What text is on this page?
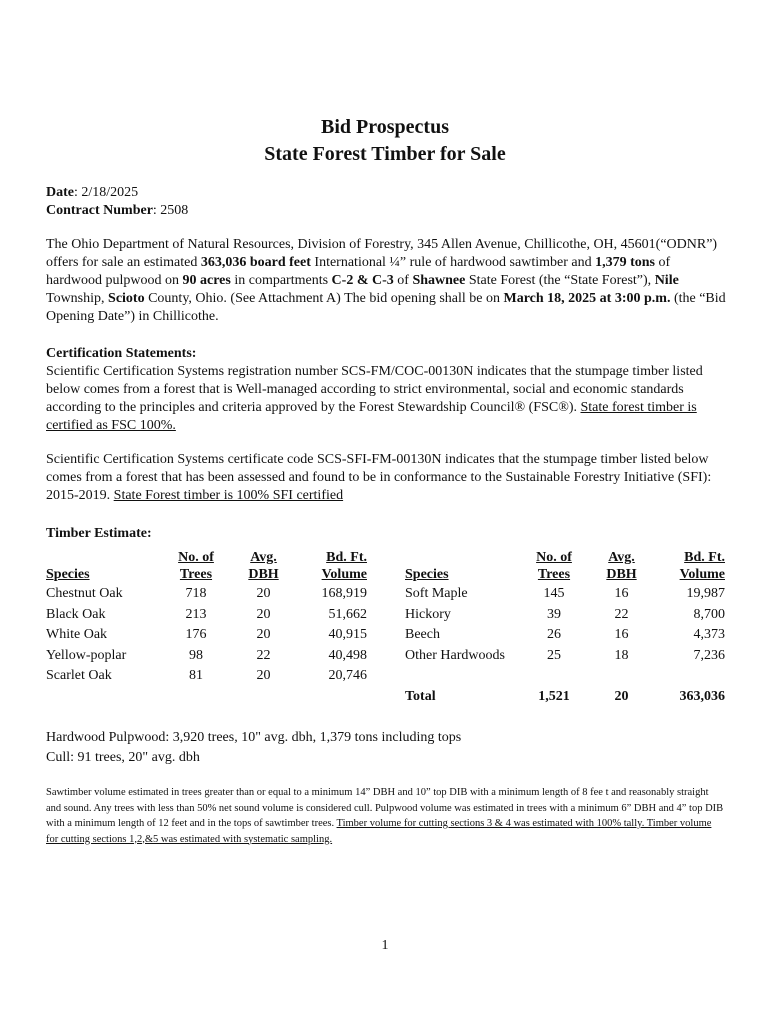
Bid Prospectus
State Forest Timber for Sale
Date: 2/18/2025
Contract Number: 2508
The Ohio Department of Natural Resources, Division of Forestry, 345 Allen Avenue, Chillicothe, OH, 45601(“ODNR”) offers for sale an estimated 363,036 board feet International ¼” rule of hardwood sawtimber and 1,379 tons of hardwood pulpwood on 90 acres in compartments C-2 & C-3 of Shawnee State Forest (the “State Forest”), Nile Township, Scioto County, Ohio. (See Attachment A) The bid opening shall be on March 18, 2025 at 3:00 p.m. (the “Bid Opening Date”) in Chillicothe.
Certification Statements:
Scientific Certification Systems registration number SCS-FM/COC-00130N indicates that the stumpage timber listed below comes from a forest that is Well-managed according to strict environmental, social and economic standards according to the principles and criteria approved by the Forest Stewardship Council® (FSC®). State forest timber is certified as FSC 100%.
Scientific Certification Systems certificate code SCS-SFI-FM-00130N indicates that the stumpage timber listed below comes from a forest that has been assessed and found to be in conformance to the Sustainable Forestry Initiative (SFI): 2015-2019. State Forest timber is 100% SFI certified
Timber Estimate:
Species
No. of
Trees
Avg.
DBH
Bd. Ft.
Volume	Species
No. of
Trees
Avg.
DBH
Bd. Ft.
Volume
Chestnut Oak
Black Oak
White Oak
Yellow-poplar
Scarlet Oak
718
213
176
98
81
20
20
20
22
20
168,919
51,662
40,915
40,498
20,746
Soft Maple
Hickory
Beech
Other Hardwoods

Total
145
39
26
25

1,521
16
22
16
18

20
19,987
8,700
4,373
7,236

363,036
Hardwood Pulpwood: 3,920 trees, 10" avg. dbh, 1,379 tons including tops
Cull: 91 trees, 20" avg. dbh
Sawtimber volume estimated in trees greater than or equal to a minimum 14” DBH and 10” top DIB with a minimum length of 8 fee t and reasonably straight and sound. Any trees with less than 50% net sound volume is considered cull. Pulpwood volume was estimated in trees with a minimum 6” DBH and 4” top DIB with a minimum length of 12 feet and in the tops of sawtimber trees. Timber volume for cutting sections 3 & 4 was estimated with 100% tally. Timber volume for cutting sections 1,2,&5 was estimated with systematic sampling.
1
